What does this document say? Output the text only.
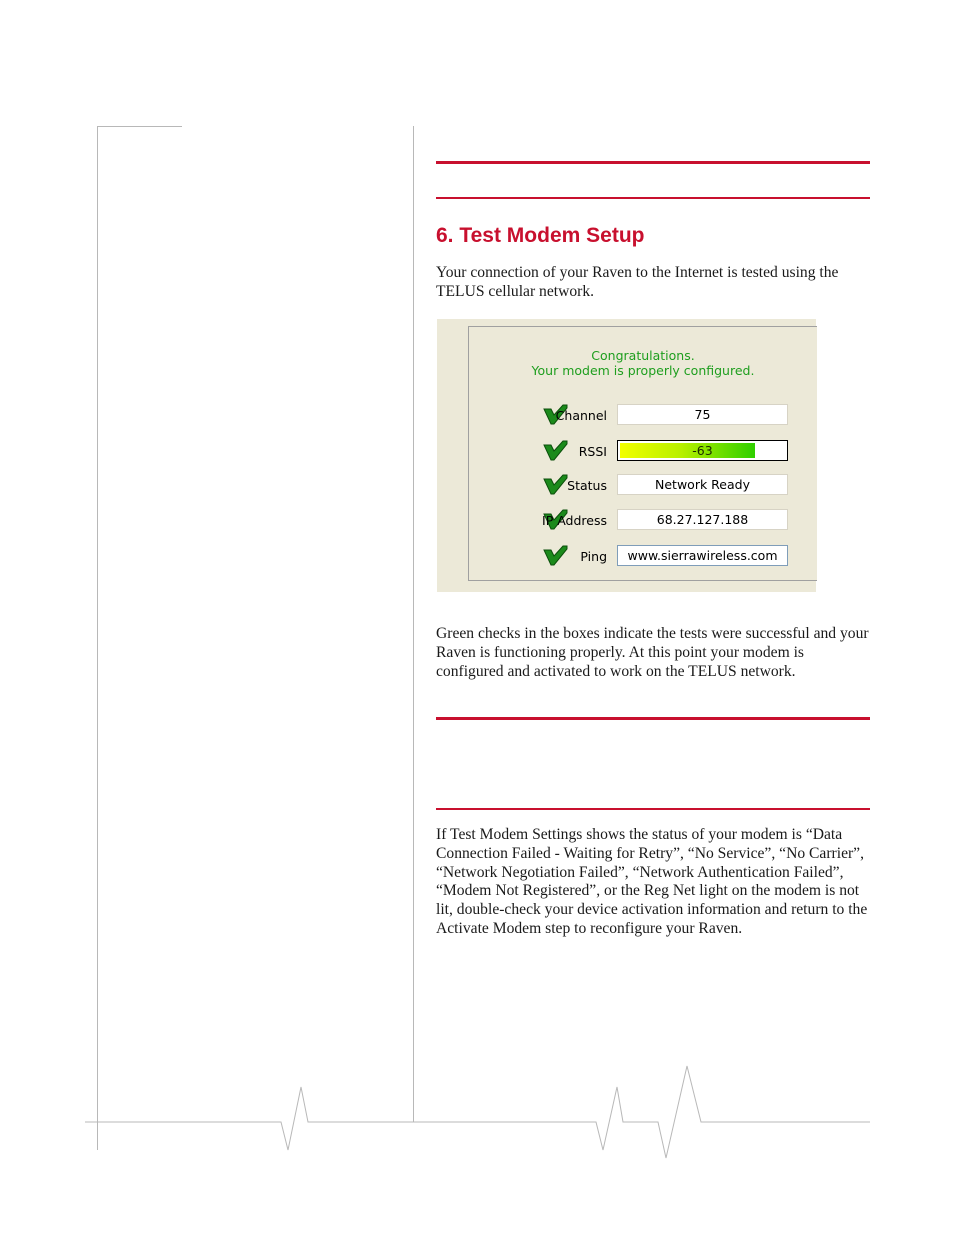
6. Test Modem Setup

Your connection of your Raven to the Internet is tested using the TELUS cellular network.

Congratulations.
Your modem is properly configured.
Channel	75
RSSI	-63
Status	Network Ready
IP Address	68.27.127.188
Ping	www.sierrawireless.com

Green checks in the boxes indicate the tests were successful and your Raven is functioning properly. At this point your modem is configured and activated to work on the TELUS network.

If Test Modem Settings shows the status of your modem is “Data Connection Failed - Waiting for Retry”, “No Service”, “No Carrier”, “Network Negotiation Failed”, “Network Authentication Failed”, “Modem Not Registered”, or the Reg Net light on the modem is not lit, double-check your device activation information and return to the Activate Modem step to reconfigure your Raven.
